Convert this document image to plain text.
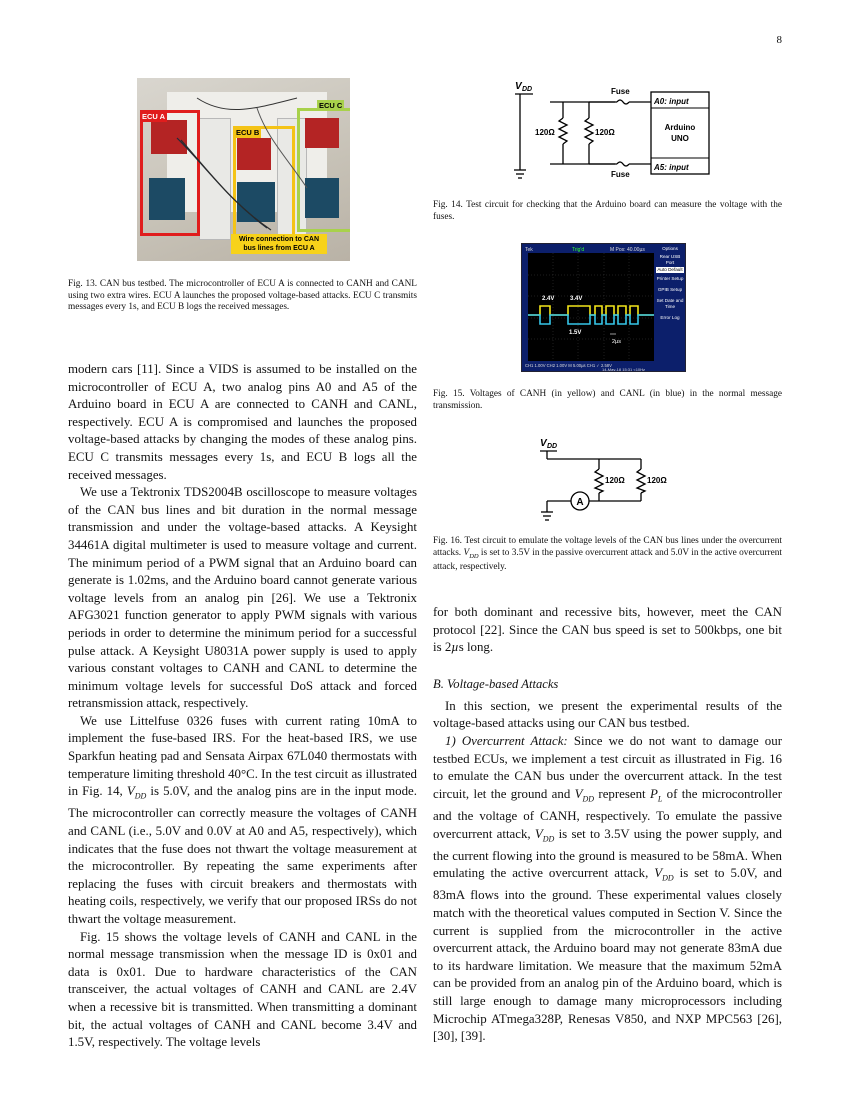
8
ECU A
ECU B
ECU C
Wire connection to CAN bus lines from ECU A

Fig. 13. CAN bus testbed. The microcontroller of ECU A is connected to CANH and CANL using two extra wires. ECU A launches the proposed voltage-based attacks. ECU C transmits messages every 1s, and ECU B logs the received messages.

modern cars [11]. Since a VIDS is assumed to be installed on the microcontroller of ECU A, two analog pins A0 and A5 of the Arduino board in ECU A are connected to CANH and CANL, respectively. ECU A is compromised and launches the proposed voltage-based attacks by changing the modes of these analog pins. ECU C transmits messages every 1s, and ECU B logs all the received messages.

We use a Tektronix TDS2004B oscilloscope to measure voltages of the CAN bus lines and bit duration in the normal message transmission and under the voltage-based attacks. A Keysight 34461A digital multimeter is used to measure voltage and current. The minimum period of a PWM signal that an Arduino board can generate is 1.02ms, and the Arduino board cannot generate various voltage levels from an analog pin [26]. We use a Tektronix AFG3021 function generator to apply PWM signals with various periods in order to determine the minimum period for a successful pulse attack. A Keysight U8031A power supply is used to apply various constant voltages to CANH and CANL to determine the minimum voltage levels for successful DoS attack and forced retransmission attack, respectively.

We use Littelfuse 0326 fuses with current rating 10mA to implement the fuse-based IRS. For the heat-based IRS, we use Sparkfun heating pad and Sensata Airpax 67L040 thermostats with temperature limiting threshold 40°C. In the test circuit as illustrated in Fig. 14, $V_{DD}$ is 5.0V, and the analog pins are in the input mode. The microcontroller can correctly measure the voltages of CANH and CANL (i.e., 5.0V and 0.0V at A0 and A5, respectively), which indicates that the fuse does not thwart the voltage measurement at the microcontroller. By repeating the same experiments after replacing the fuses with circuit breakers and thermostats with heating coils, respectively, we verify that our proposed IRSs do not thwart the voltage measurement.

Fig. 15 shows the voltage levels of CANH and CANL in the normal message transmission when the message ID is 0x01 and data is 0x01. Due to hardware characteristics of the CAN transceiver, the actual voltages of CANH and CANL are 2.4V when a recessive bit is transmitted. When transmitting a dominant bit, the actual voltages of CANH and CANL become 3.4V and 1.5V, respectively. The voltage levels

V DD
120Ω	120Ω
Fuse
Fuse
A0: input
A5: input
Arduino
UNO

Fig. 14. Test circuit for checking that the Arduino board can measure the voltage with the fuses.

Tek	Trig'd	M Pos: 40.00µs
2.4V	3.4V
1.5V
2µs
CH1 1.00V CH2 1.00V M 5.00µs CH1 ✓ 2.58V
14-May-18 15:31 <10Hz
Options
Rear USB Port
Auto Default
Printer Setup
GPIB Setup
Set Date and Time
Error Log

Fig. 15. Voltages of CANH (in yellow) and CANL (in blue) in the normal message transmission.

V DD
A
120Ω	120Ω

Fig. 16. Test circuit to emulate the voltage levels of the CAN bus lines under the overcurrent attacks. $V_{DD}$ is set to 3.5V in the passive overcurrent attack and 5.0V in the active overcurrent attack, respectively.

for both dominant and recessive bits, however, meet the CAN protocol [22]. Since the CAN bus speed is set to 500kbps, one bit is 2µs long.

B. Voltage-based Attacks

In this section, we present the experimental results of the voltage-based attacks using our CAN bus testbed.

1) Overcurrent Attack: Since we do not want to damage our testbed ECUs, we implement a test circuit as illustrated in Fig. 16 to emulate the CAN bus under the overcurrent attack. In the test circuit, let the ground and $V_{DD}$ represent $P_L$ of the microcontroller and the voltage of CANH, respectively. To emulate the passive overcurrent attack, $V_{DD}$ is set to 3.5V using the power supply, and the current flowing into the ground is measured to be 58mA. When emulating the active overcurrent attack, $V_{DD}$ is set to 5.0V, and 83mA flows into the ground. These experimental values closely match with the theoretical values computed in Section V. Since the current is supplied from the microcontroller in the active overcurrent attack, the Arduino board may not generate 83mA due to its hardware limitation. We measure that the maximum 52mA can be provided from an analog pin of the Arduino board, which is still large enough to damage many microprocessors including Microchip ATmega328P, Renesas V850, and NXP MPC563 [26], [30], [39].
